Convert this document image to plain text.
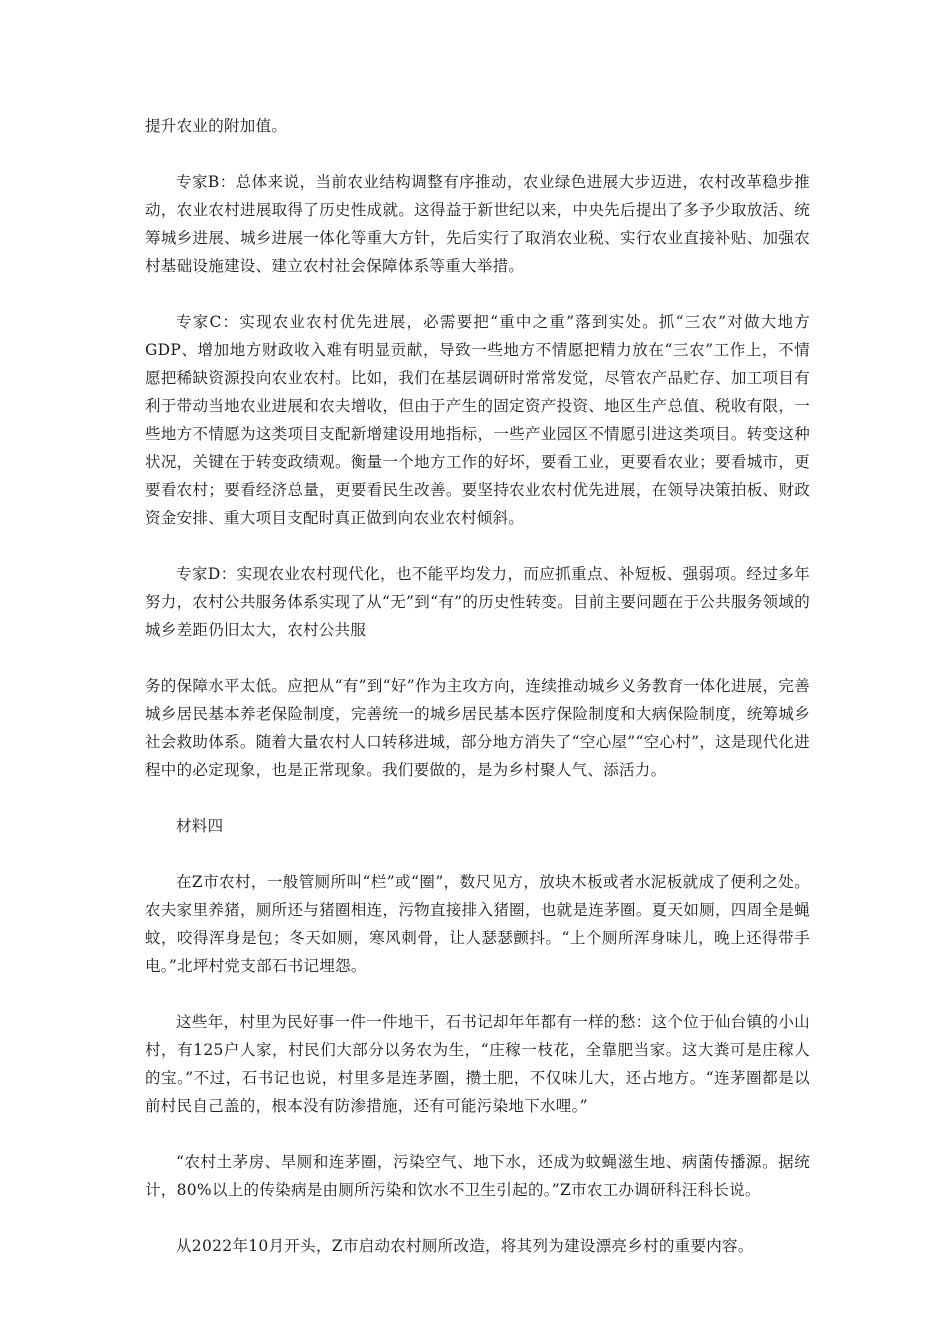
提升农业的附加值。

专家B：总体来说，当前农业结构调整有序推动，农业绿色进展大步迈进，农村改革稳步推动，农业农村进展取得了历史性成就。这得益于新世纪以来，中央先后提出了多予少取放活、统筹城乡进展、城乡进展一体化等重大方针，先后实行了取消农业税、实行农业直接补贴、加强农村基础设施建设、建立农村社会保障体系等重大举措。

专家C：实现农业农村优先进展，必需要把“重中之重”落到实处。抓“三农”对做大地方GDP、增加地方财政收入难有明显贡献，导致一些地方不情愿把精力放在“三农”工作上，不情愿把稀缺资源投向农业农村。比如，我们在基层调研时常常发觉，尽管农产品贮存、加工项目有利于带动当地农业进展和农夫增收，但由于产生的固定资产投资、地区生产总值、税收有限，一些地方不情愿为这类项目支配新增建设用地指标，一些产业园区不情愿引进这类项目。转变这种状况，关键在于转变政绩观。衡量一个地方工作的好坏，要看工业，更要看农业；要看城市，更要看农村；要看经济总量，更要看民生改善。要坚持农业农村优先进展，在领导决策拍板、财政资金安排、重大项目支配时真正做到向农业农村倾斜。

专家D：实现农业农村现代化，也不能平均发力，而应抓重点、补短板、强弱项。经过多年努力，农村公共服务体系实现了从“无”到“有”的历史性转变。目前主要问题在于公共服务领域的城乡差距仍旧太大，农村公共服

务的保障水平太低。应把从“有”到“好”作为主攻方向，连续推动城乡义务教育一体化进展，完善城乡居民基本养老保险制度，完善统一的城乡居民基本医疗保险制度和大病保险制度，统筹城乡社会救助体系。随着大量农村人口转移进城，部分地方消失了“空心屋”“空心村”，这是现代化进程中的必定现象，也是正常现象。我们要做的，是为乡村聚人气、添活力。

材料四

在Z市农村，一般管厕所叫“栏”或“圈”，数尺见方，放块木板或者水泥板就成了便利之处。农夫家里养猪，厕所还与猪圈相连，污物直接排入猪圈，也就是连茅圈。夏天如厕，四周全是蝇蚊，咬得浑身是包；冬天如厕，寒风刺骨，让人瑟瑟颤抖。“上个厕所浑身味儿，晚上还得带手电。”北坪村党支部石书记埋怨。

这些年，村里为民好事一件一件地干，石书记却年年都有一样的愁：这个位于仙台镇的小山村，有125户人家，村民们大部分以务农为生，“庄稼一枝花，全靠肥当家。这大粪可是庄稼人的宝。”不过，石书记也说，村里多是连茅圈，攒土肥，不仅味儿大，还占地方。“连茅圈都是以前村民自己盖的，根本没有防渗措施，还有可能污染地下水哩。”

“农村土茅房、旱厕和连茅圈，污染空气、地下水，还成为蚊蝇滋生地、病菌传播源。据统计，80%以上的传染病是由厕所污染和饮水不卫生引起的。”Z市农工办调研科汪科长说。

从2022年10月开头，Z市启动农村厕所改造，将其列为建设漂亮乡村的重要内容。
